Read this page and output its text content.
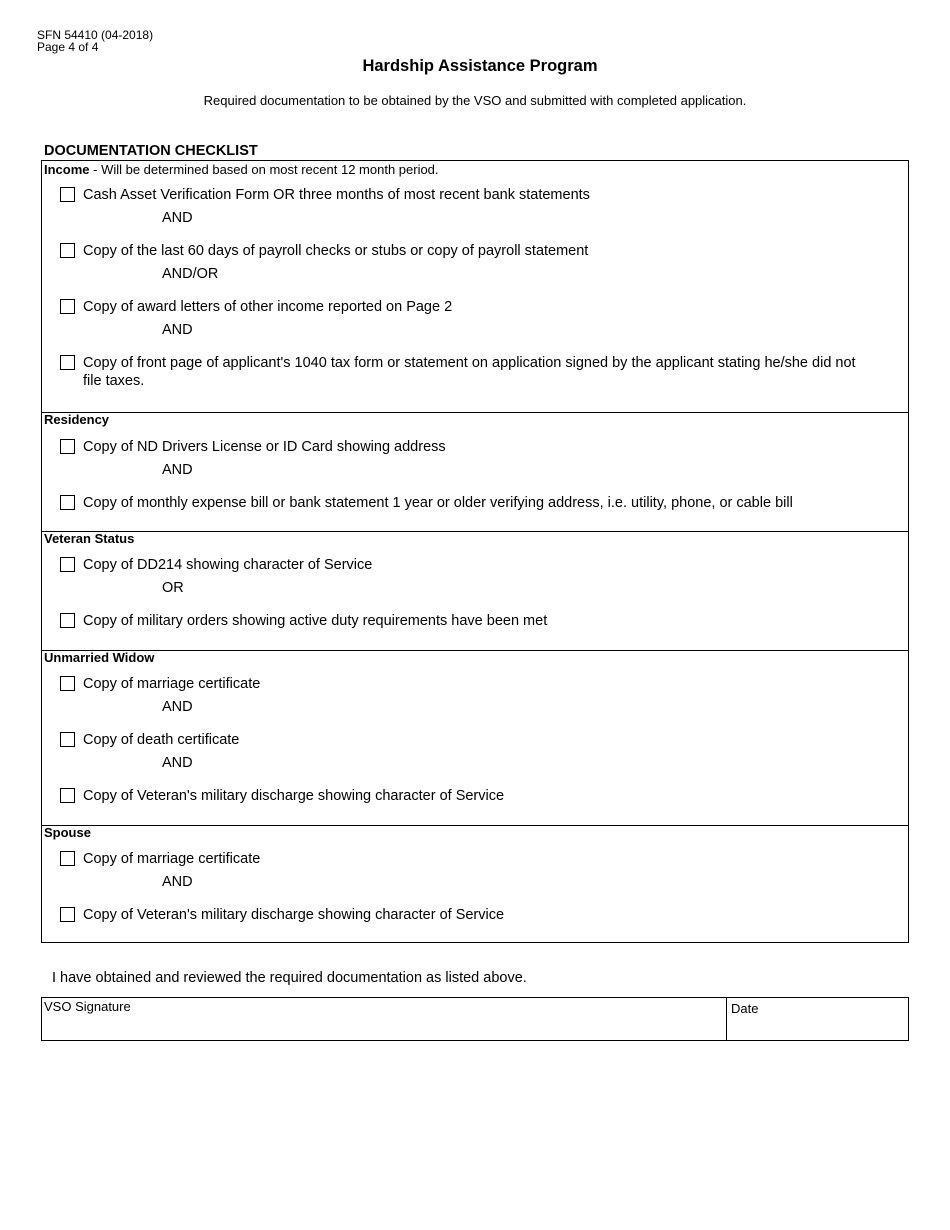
SFN 54410 (04-2018)
Page 4 of 4
Hardship Assistance Program
Required documentation to be obtained by the VSO and submitted with completed application.
DOCUMENTATION CHECKLIST
Income - Will be determined based on most recent 12 month period.
Cash Asset Verification Form OR three months of most recent bank statements
AND
Copy of the last 60 days of payroll checks or stubs or copy of payroll statement
AND/OR
Copy of award letters of other income reported on Page 2
AND
Copy of front page of applicant's 1040 tax form or statement on application signed by the applicant stating he/she did not file taxes.
Residency
Copy of ND Drivers License or ID Card showing address
AND
Copy of monthly expense bill or bank statement 1 year or older verifying address, i.e. utility, phone, or cable bill
Veteran Status
Copy of DD214 showing character of Service
OR
Copy of military orders showing active duty requirements have been met
Unmarried Widow
Copy of marriage certificate
AND
Copy of death certificate
AND
Copy of Veteran's military discharge showing character of Service
Spouse
Copy of marriage certificate
AND
Copy of Veteran's military discharge showing character of Service
I have obtained and reviewed the required documentation as listed above.
VSO Signature	Date
